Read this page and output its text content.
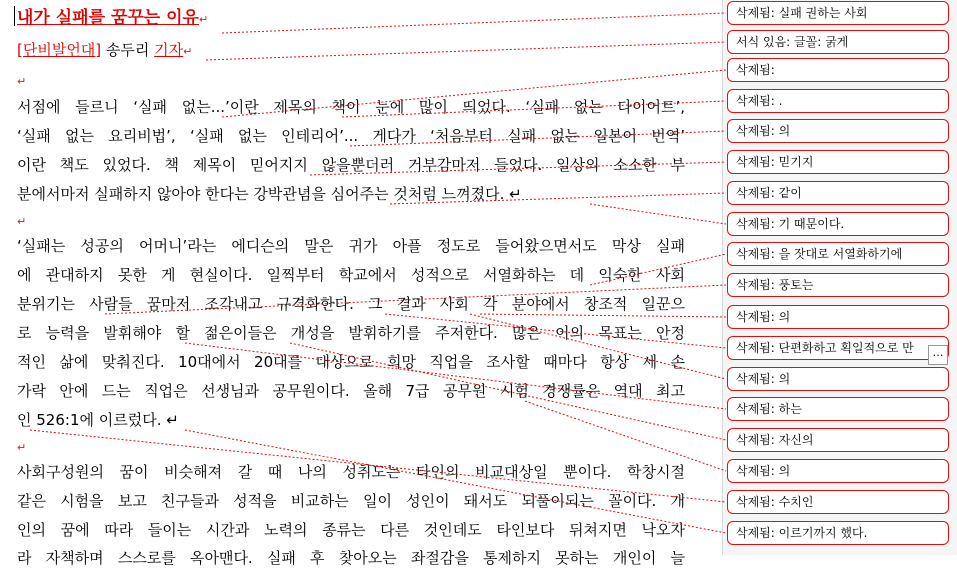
내가 실패를 꿈꾸는 이유↵
[단비발언대] 송두리 기자↵
↵
서점에 들르니 ‘실패 없는...’이란 제목의 책이 눈에 많이 띄었다. ‘실패 없는 다이어트’,
‘실패 없는 요리비법’, ‘실패 없는 인테리어’... 게다가 ‘처음부터 실패 없는 일본어 번역’
이란 책도 있었다. 책 제목이 믿어지지 않을뿐더러 거부감마저 들었다. 일상의 소소한 부
분에서마저 실패하지 않아야 한다는 강박관념을 심어주는 것처럼 느껴졌다. ↵
↵
‘실패는 성공의 어머니’라는 에디슨의 말은 귀가 아플 정도로 들어왔으면서도 막상 실패
에 관대하지 못한 게 현실이다. 일찍부터 학교에서 성적으로 서열화하는 데 익숙한 사회
분위기는 사람들 꿈마저 조각내고 규격화한다. 그 결과 사회 각 분야에서 창조적 일꾼으
로 능력을 발휘해야 할 젊은이들은 개성을 발휘하기를 주저한다. 많은 이의 목표는 안정
적인 삶에 맞춰진다. 10대에서 20대를 대상으로 희망 직업을 조사할 때마다 항상 세 손
가락 안에 드는 직업은 선생님과 공무원이다. 올해 7급 공무원 시험 경쟁률은 역대 최고
인 526:1에 이르렀다. ↵
↵
사회구성원의 꿈이 비슷해져 갈 때 나의 성취도는 타인의 비교대상일 뿐이다. 학창시절
같은 시험을 보고 친구들과 성적을 비교하는 일이 성인이 돼서도 되풀이되는 꼴이다. 개
인의 꿈에 따라 들이는 시간과 노력의 종류는 다른 것인데도 타인보다 뒤쳐지면 낙오자
라 자책하며 스스로를 옥아맨다. 실패 후 찾아오는 좌절감을 통제하지 못하는 개인이 늘
삭제됨: 실패 권하는 사회
서식 있음: 글꼴: 굵게
삭제됨:
삭제됨: .
삭제됨: 의
삭제됨: 믿기지
삭제됨: 같이
삭제됨: 기 때문이다.
삭제됨: 을 잣대로 서열화하기에
삭제됨: 풍토는
삭제됨: 의
삭제됨: 단편화하고 획일적으로 만
삭제됨: 의
삭제됨: 하는
삭제됨: 자신의
삭제됨: 의
삭제됨: 수치인
삭제됨: 이르기까지 했다.
…
